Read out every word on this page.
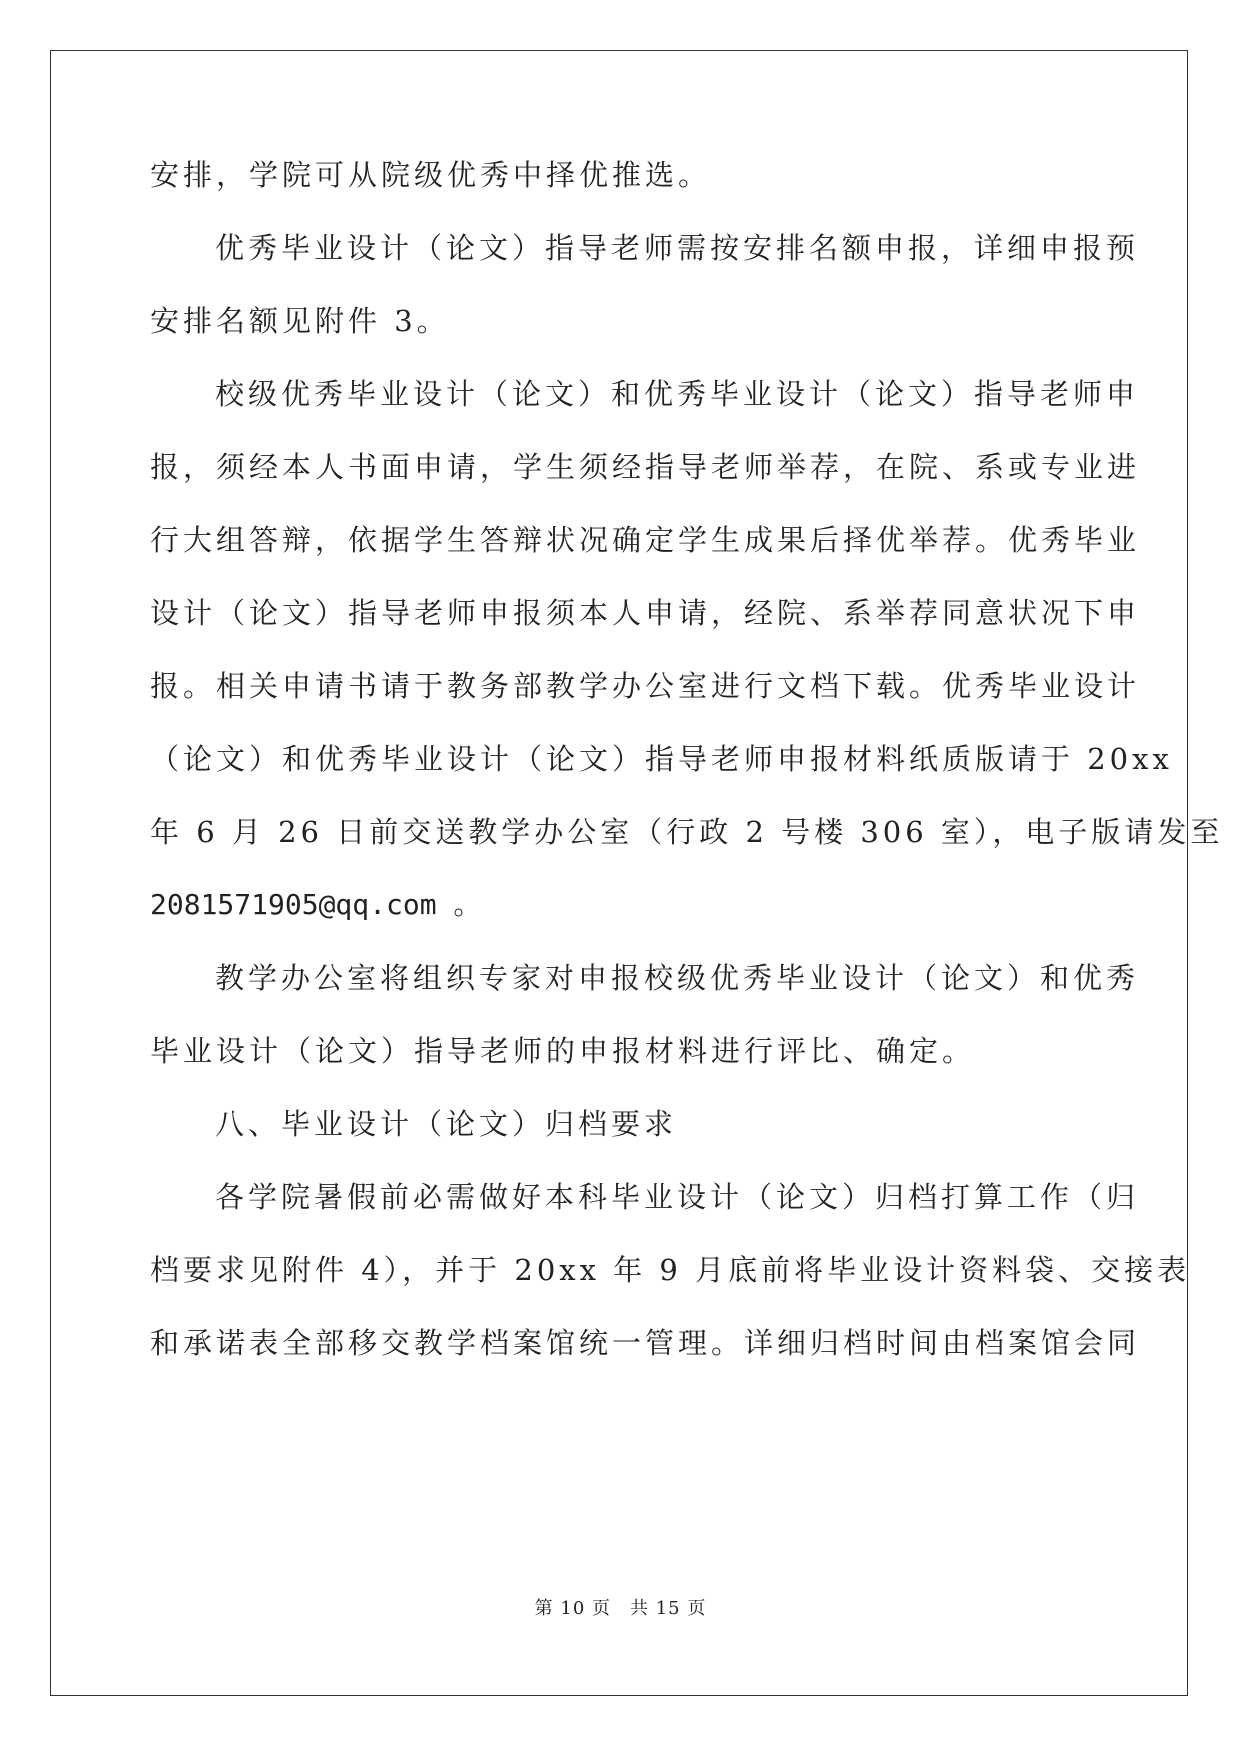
安排，学院可从院级优秀中择优推选。
优秀毕业设计（论文）指导老师需按安排名额申报，详细申报预
安排名额见附件 3。
校级优秀毕业设计（论文）和优秀毕业设计（论文）指导老师申
报，须经本人书面申请，学生须经指导老师举荐，在院、系或专业进
行大组答辩，依据学生答辩状况确定学生成果后择优举荐。优秀毕业
设计（论文）指导老师申报须本人申请，经院、系举荐同意状况下申
报。相关申请书请于教务部教学办公室进行文档下载。优秀毕业设计
（论文）和优秀毕业设计（论文）指导老师申报材料纸质版请于 20xx
年 6 月 26 日前交送教学办公室（行政 2 号楼 306 室），电子版请发至
2081571905@qq.com 。
教学办公室将组织专家对申报校级优秀毕业设计（论文）和优秀
毕业设计（论文）指导老师的申报材料进行评比、确定。
八、毕业设计（论文）归档要求
各学院暑假前必需做好本科毕业设计（论文）归档打算工作（归
档要求见附件 4），并于 20xx 年 9 月底前将毕业设计资料袋、交接表
和承诺表全部移交教学档案馆统一管理。详细归档时间由档案馆会同
第 10 页　共 15 页
